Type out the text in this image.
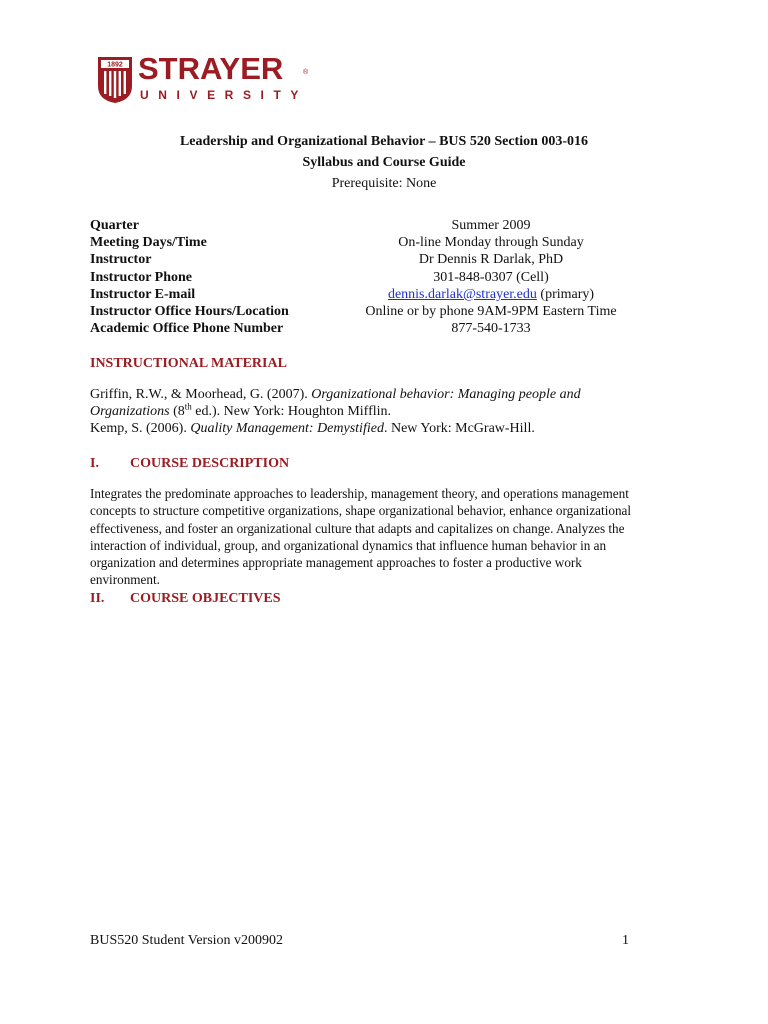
1892 STRAYER	®
UNIVERSITY
Leadership and Organizational Behavior – BUS 520 Section 003-016
Syllabus and Course Guide
Prerequisite: None
Quarter	Summer 2009
Meeting Days/Time	On-line Monday through Sunday
Instructor	Dr Dennis R Darlak, PhD
Instructor Phone	301-848-0307 (Cell)
Instructor E-mail	dennis.darlak@strayer.edu (primary)
Instructor Office Hours/Location	Online or by phone 9AM-9PM Eastern Time
Academic Office Phone Number	877-540-1733
INSTRUCTIONAL MATERIAL
Griffin, R.W., & Moorhead, G. (2007). Organizational behavior: Managing people and
Organizations (8th ed.). New York: Houghton Mifflin.
Kemp, S. (2006). Quality Management: Demystified. New York: McGraw-Hill.
I. COURSE DESCRIPTION
Integrates the predominate approaches to leadership, management theory, and operations management concepts to structure competitive organizations, shape organizational behavior, enhance organizational effectiveness, and foster an organizational culture that adapts and capitalizes on change. Analyzes the interaction of individual, group, and organizational dynamics that influence human behavior in an organization and determines appropriate management approaches to foster a productive work environment.
II. COURSE OBJECTIVES
BUS520 Student Version v200902	1
